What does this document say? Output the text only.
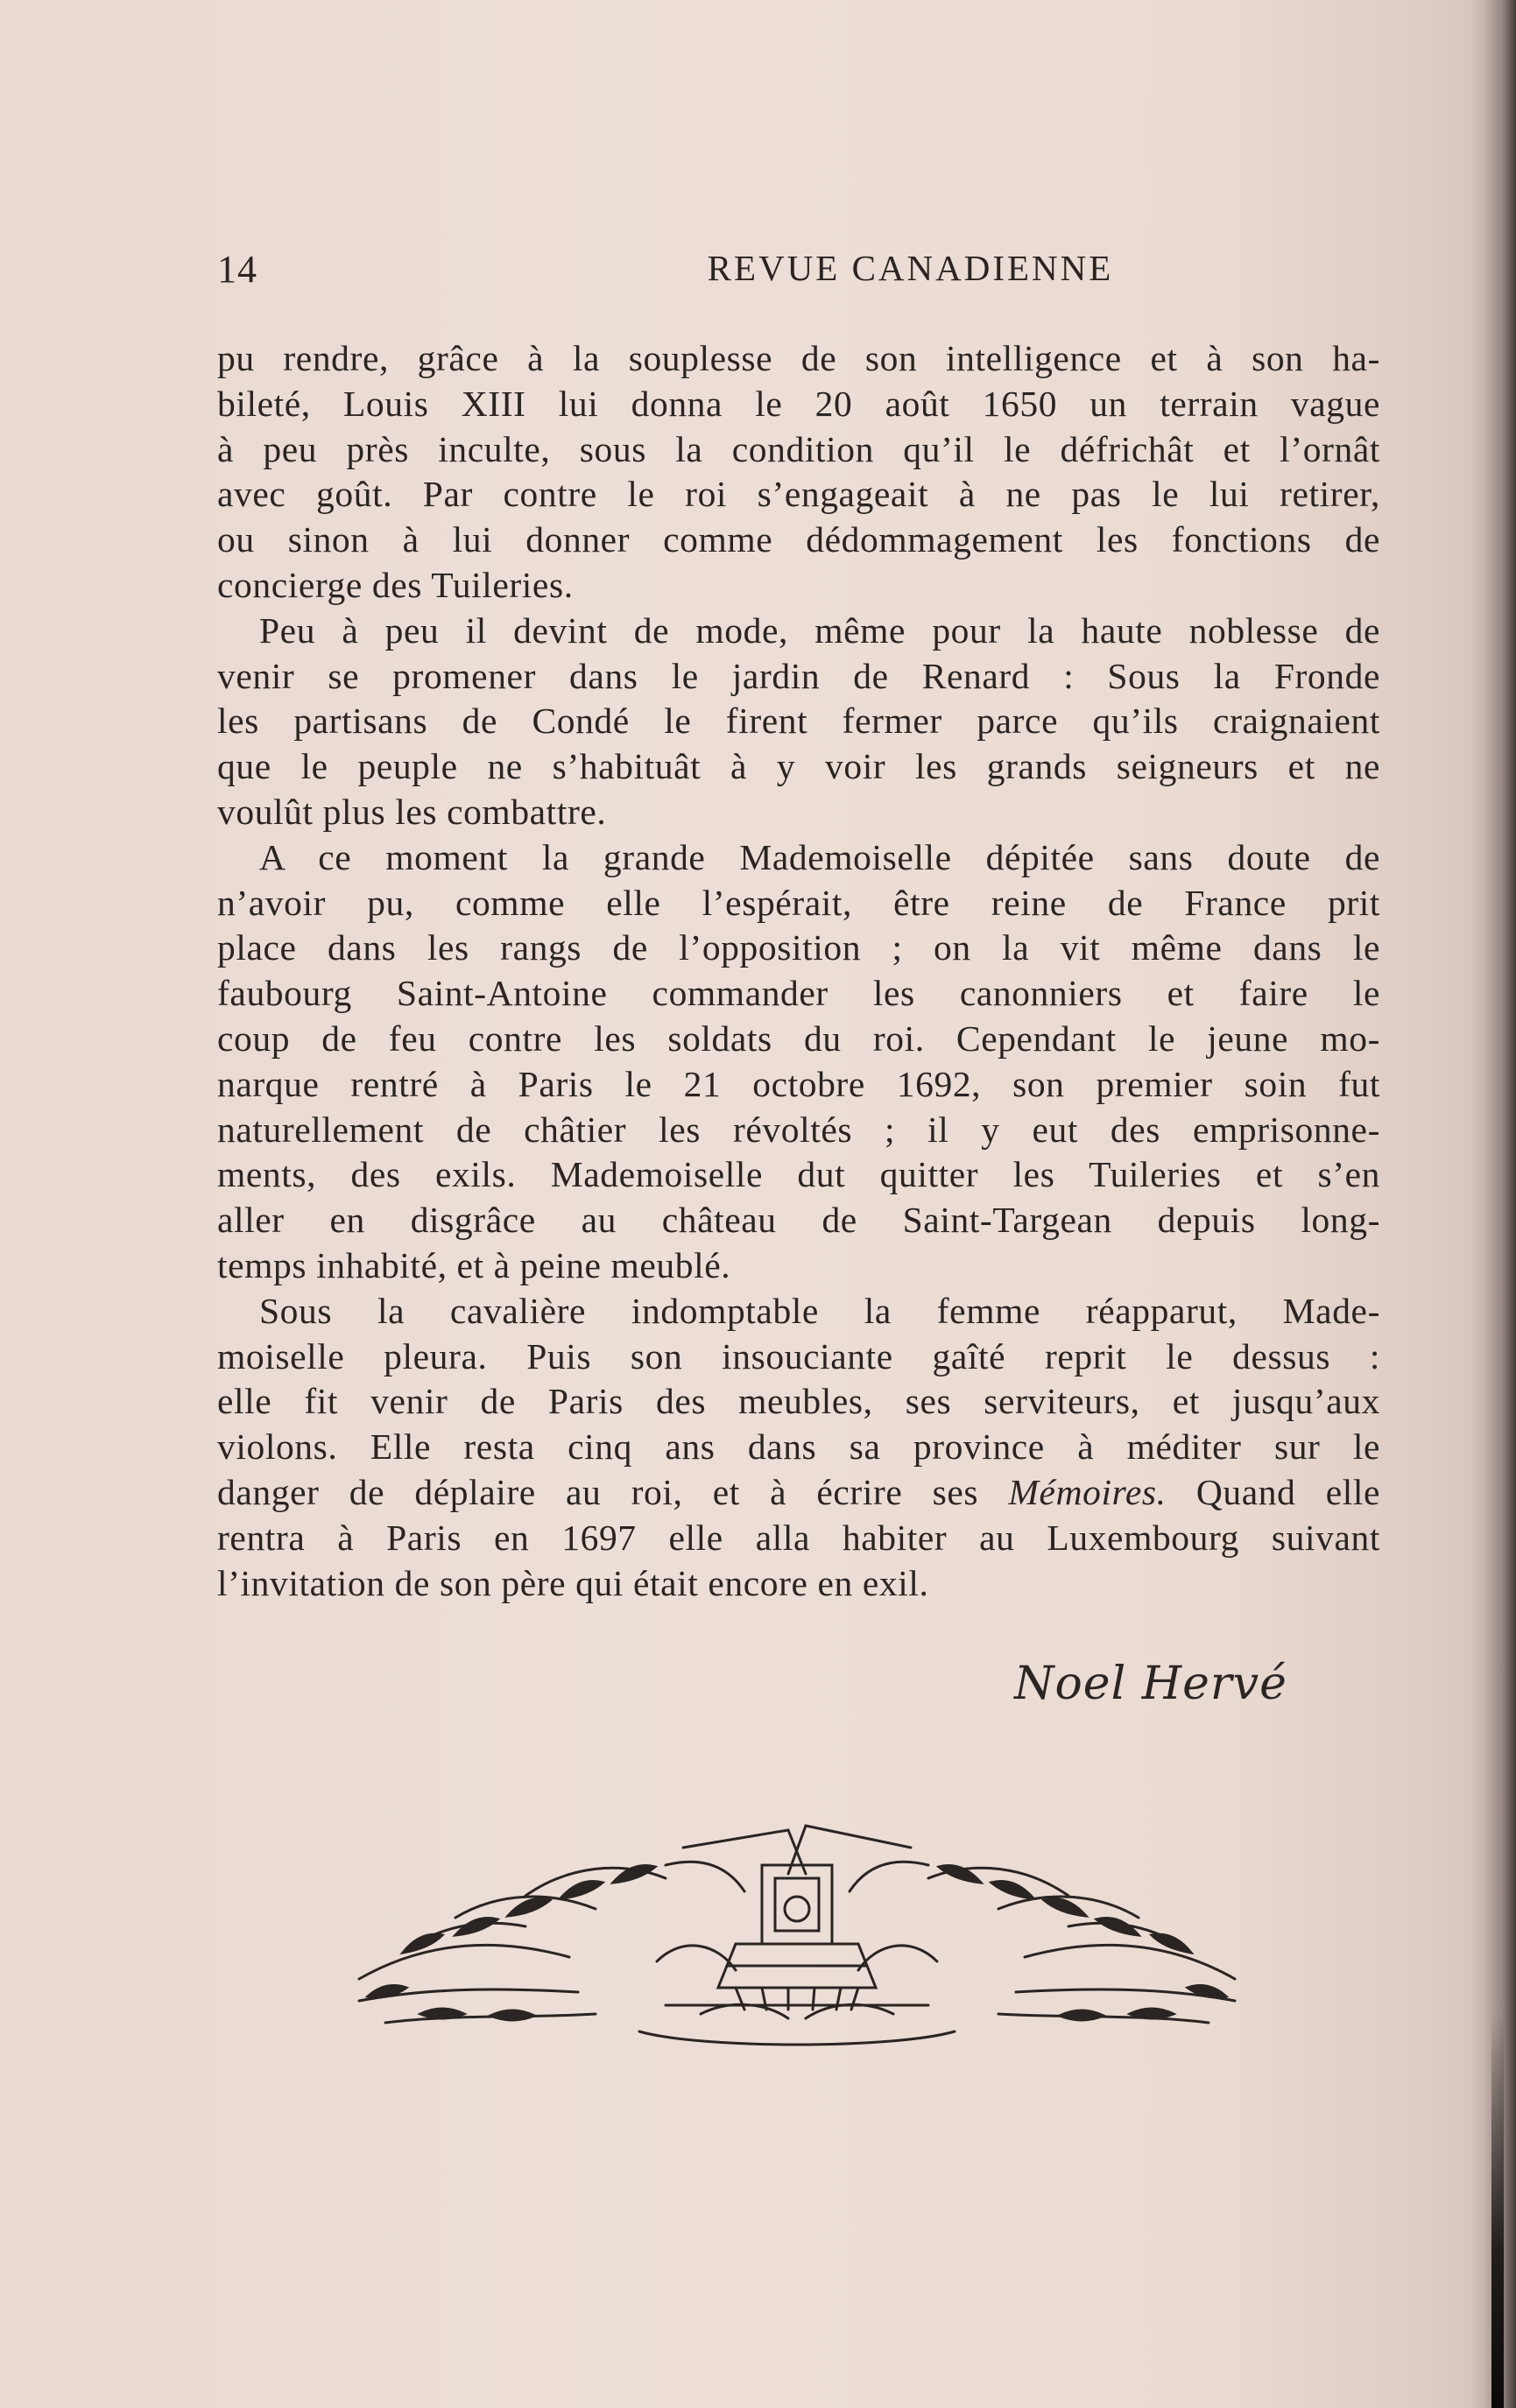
14	REVUE CANADIENNE
pu rendre, grâce à la souplesse de son intelligence et à son ha-
bileté, Louis XIII lui donna le 20 août 1650 un terrain vague
à peu près inculte, sous la condition qu’il le défrichât et l’ornât
avec goût. Par contre le roi s’engageait à ne pas le lui retirer,
ou sinon à lui donner comme dédommagement les fonctions de
concierge des Tuileries.
Peu à peu il devint de mode, même pour la haute noblesse de
venir se promener dans le jardin de Renard : Sous la Fronde
les partisans de Condé le firent fermer parce qu’ils craignaient
que le peuple ne s’habituât à y voir les grands seigneurs et ne
voulût plus les combattre.
A ce moment la grande Mademoiselle dépitée sans doute de
n’avoir pu, comme elle l’espérait, être reine de France prit
place dans les rangs de l’opposition ; on la vit même dans le
faubourg Saint-Antoine commander les canonniers et faire le
coup de feu contre les soldats du roi. Cependant le jeune mo-
narque rentré à Paris le 21 octobre 1692, son premier soin fut
naturellement de châtier les révoltés ; il y eut des emprisonne-
ments, des exils. Mademoiselle dut quitter les Tuileries et s’en
aller en disgrâce au château de Saint-Targean depuis long-
temps inhabité, et à peine meublé.
Sous la cavalière indomptable la femme réapparut, Made-
moiselle pleura. Puis son insouciante gaîté reprit le dessus :
elle fit venir de Paris des meubles, ses serviteurs, et jusqu’aux
violons. Elle resta cinq ans dans sa province à méditer sur le
danger de déplaire au roi, et à écrire ses Mémoires. Quand elle
rentra à Paris en 1697 elle alla habiter au Luxembourg suivant
l’invitation de son père qui était encore en exil.
Noel Hervé
